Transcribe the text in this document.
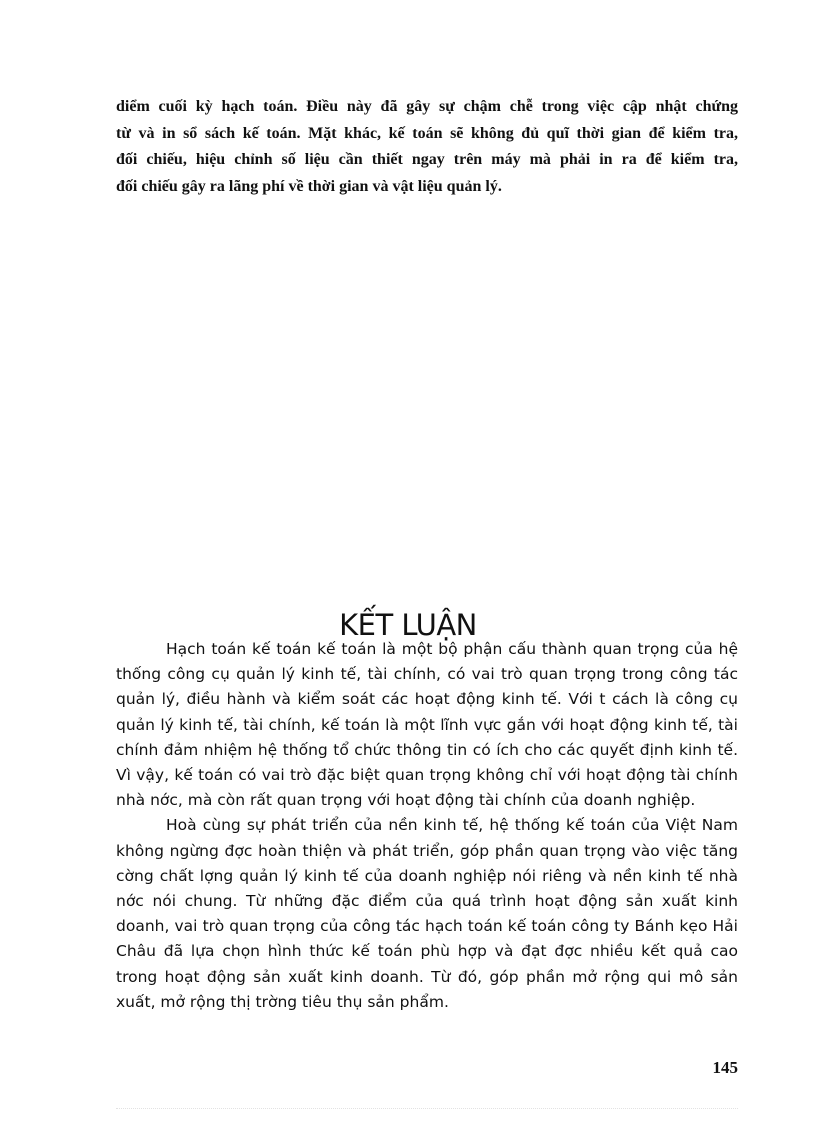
diểm cuối kỳ hạch toán. Điều này đã gây sự chậm chễ trong việc cập nhật chứng
từ và in sổ sách kế toán. Mặt khác, kế toán sẽ không đủ quĩ thời gian để kiểm tra,
đối chiếu, hiệu chỉnh số liệu cần thiết ngay trên máy mà phải in ra để kiểm tra,
đối chiếu gây ra lãng phí về thời gian và vật liệu quản lý.
KẾT LUẬN
Hạch toán kế toán kế toán là một bộ phận cấu thành quan trọng của hệ
thống công cụ quản lý kinh tế, tài chính, có vai trò quan trọng trong công tác
quản lý, điều hành và kiểm soát các hoạt động kinh tế. Với t cách là công cụ
quản lý kinh tế, tài chính, kế toán là một lĩnh vực gắn với hoạt động kinh tế, tài
chính đảm nhiệm hệ thống tổ chức thông tin có ích cho các quyết định kinh tế.
Vì vậy, kế toán có vai trò đặc biệt quan trọng không chỉ với hoạt động tài chính
nhà nớc, mà còn rất quan trọng với hoạt động tài chính của doanh nghiệp.
Hoà cùng sự phát triển của nền kinh tế, hệ thống kế toán của Việt Nam
không ngừng đợc hoàn thiện và phát triển, góp phần quan trọng vào việc tăng
cờng chất lợng quản lý kinh tế của doanh nghiệp nói riêng và nền kinh tế nhà
nớc nói chung. Từ những đặc điểm của quá trình hoạt động sản xuất kinh
doanh, vai trò quan trọng của công tác hạch toán kế toán công ty Bánh kẹo Hải
Châu đã lựa chọn hình thức kế toán phù hợp và đạt đợc nhiều kết quả cao
trong hoạt động sản xuất kinh doanh. Từ đó, góp phần mở rộng qui mô sản
xuất, mở rộng thị trờng tiêu thụ sản phẩm.
145
